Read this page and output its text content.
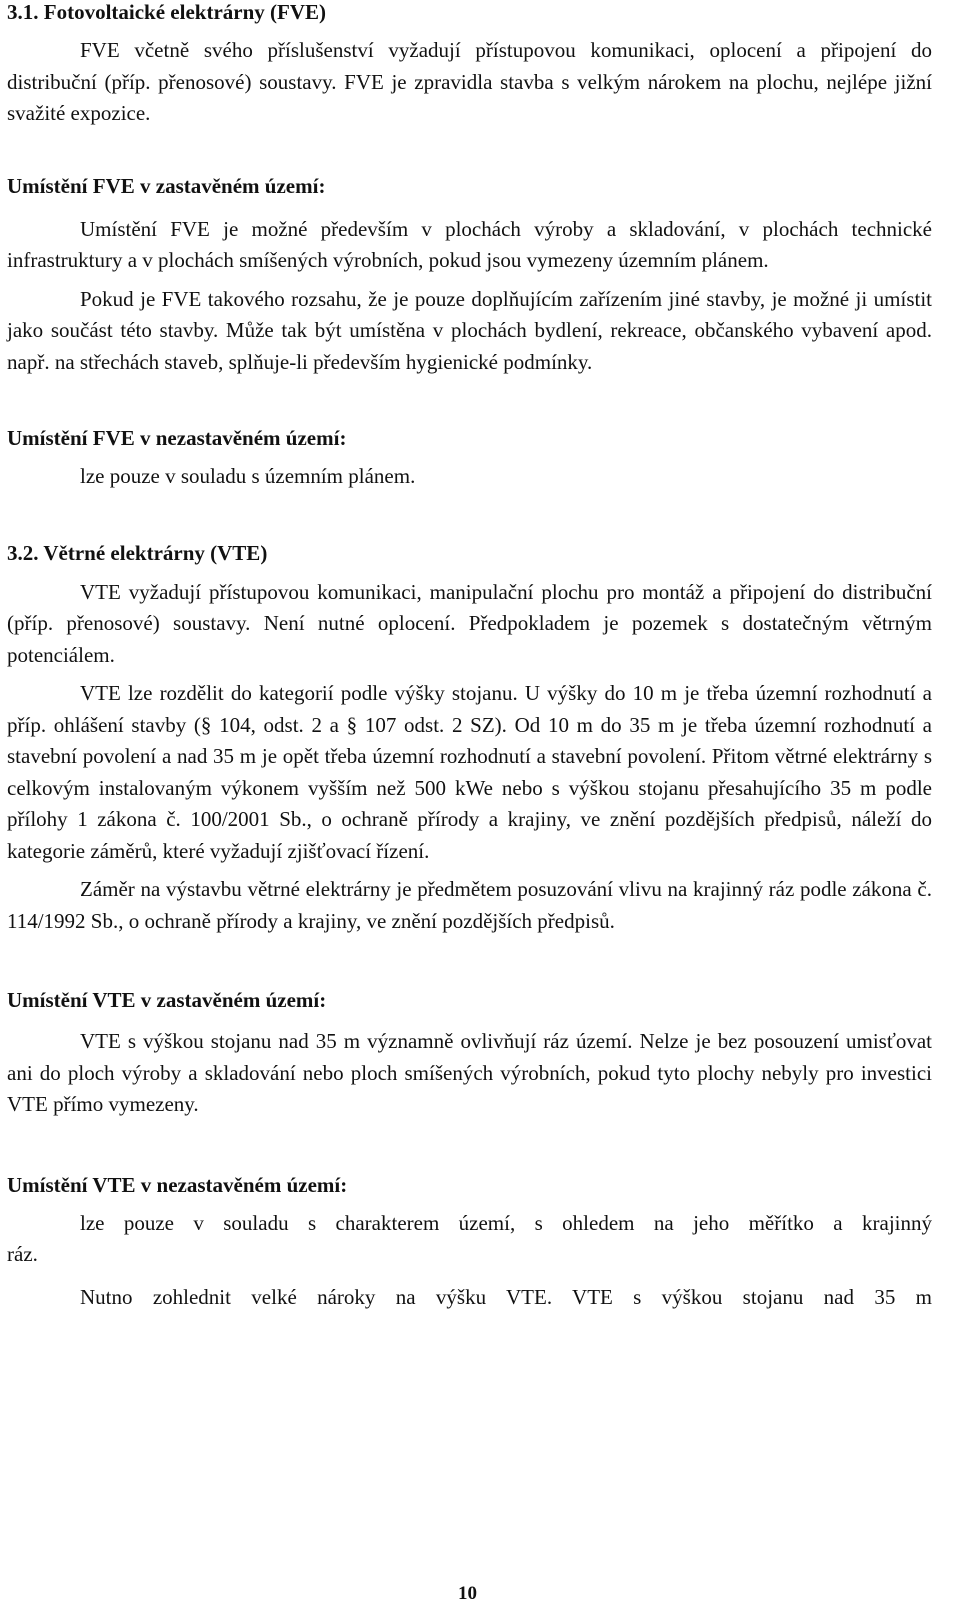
3.1. Fotovoltaické elektrárny (FVE)

FVE včetně svého příslušenství vyžadují přístupovou komunikaci, oplocení a připojení do distribuční (příp. přenosové) soustavy. FVE je zpravidla stavba s velkým nárokem na plochu, nejlépe jižní svažité expozice.

Umístění FVE v zastavěném území:

Umístění FVE je možné především v plochách výroby a skladování, v plochách technické infrastruktury a v plochách smíšených výrobních, pokud jsou vymezeny územním plánem.

Pokud je FVE takového rozsahu, že je pouze doplňujícím zařízením jiné stavby, je možné ji umístit jako součást této stavby. Může tak být umístěna v plochách bydlení, rekreace, občanského vybavení apod. např. na střechách staveb, splňuje-li především hygienické podmínky.

Umístění FVE v nezastavěném území:

lze pouze v souladu s územním plánem.

3.2. Větrné elektrárny (VTE)

VTE vyžadují přístupovou komunikaci, manipulační plochu pro montáž a připojení do distribuční (příp. přenosové) soustavy. Není nutné oplocení. Předpokladem je pozemek s dostatečným větrným potenciálem.

VTE lze rozdělit do kategorií podle výšky stojanu. U výšky do 10 m je třeba územní rozhodnutí a příp. ohlášení stavby (§ 104, odst. 2 a § 107 odst. 2 SZ). Od 10 m do 35 m je třeba územní rozhodnutí a stavební povolení a nad 35 m je opět třeba územní rozhodnutí a stavební povolení. Přitom větrné elektrárny s celkovým instalovaným výkonem vyšším než 500 kWe nebo s výškou stojanu přesahujícího 35 m podle přílohy 1 zákona č. 100/2001 Sb., o ochraně přírody a krajiny, ve znění pozdějších předpisů, náleží do kategorie záměrů, které vyžadují zjišťovací řízení.

Záměr na výstavbu větrné elektrárny je předmětem posuzování vlivu na krajinný ráz podle zákona č. 114/1992 Sb., o ochraně přírody a krajiny, ve znění pozdějších předpisů.

Umístění VTE v zastavěném území:

VTE s výškou stojanu nad 35 m významně ovlivňují ráz území. Nelze je bez posouzení umisťovat ani do ploch výroby a skladování nebo ploch smíšených výrobních, pokud tyto plochy nebyly pro investici VTE přímo vymezeny.

Umístění VTE v nezastavěném území:

lze pouze v souladu s charakterem území, s ohledem na jeho měřítko a krajinný

ráz.

Nutno zohlednit velké nároky na výšku VTE. VTE s výškou stojanu nad 35 m

10
